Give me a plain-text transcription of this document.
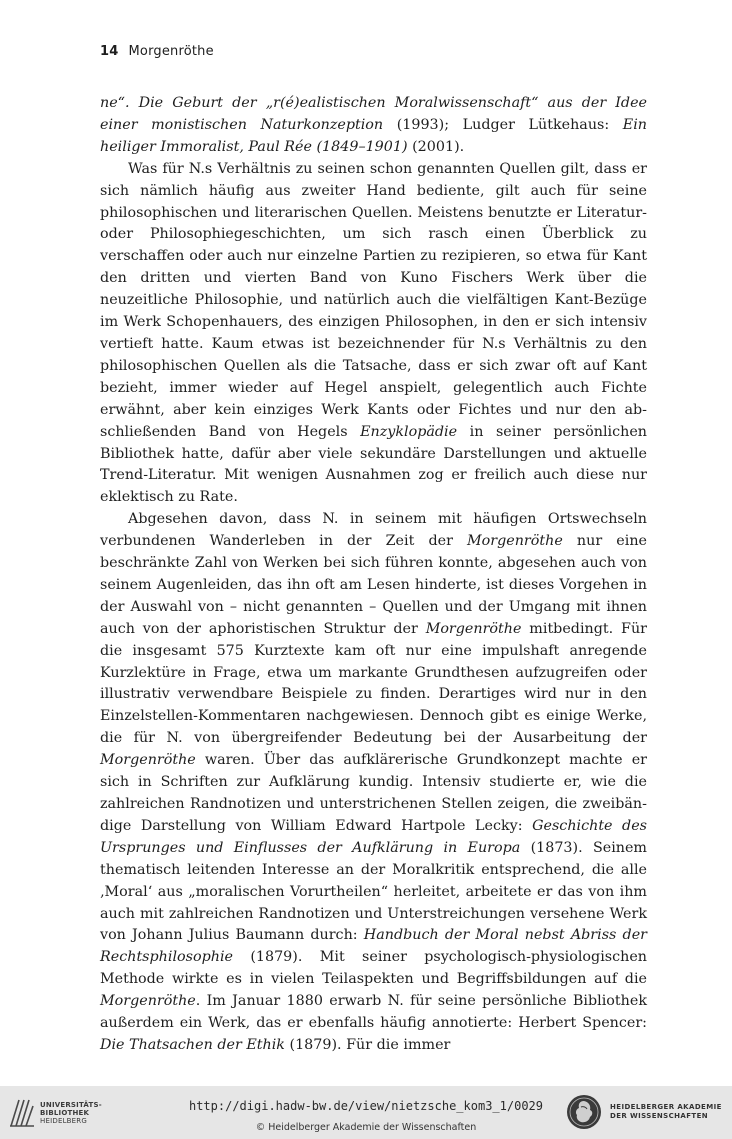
14 Morgenröthe

ne“. Die Geburt der „r(é)ealistischen Moralwissenschaft“ aus der Idee einer monistischen Naturkonzeption (1993); Ludger Lütkehaus: Ein heiliger Immoralist, Paul Rée (1849–1901) (2001).

Was für N.s Verhältnis zu seinen schon genannten Quellen gilt, dass er sich nämlich häufig aus zweiter Hand bediente, gilt auch für seine philosophischen und literarischen Quellen. Meistens benutzte er Literatur- oder Philosophiegeschichten, um sich rasch einen Überblick zu verschaffen oder auch nur einzelne Partien zu rezipieren, so etwa für Kant den dritten und vierten Band von Kuno Fischers Werk über die neuzeitliche Philosophie, und natürlich auch die vielfältigen Kant-Bezüge im Werk Schopenhauers, des einzigen Philosophen, in den er sich intensiv vertieft hatte. Kaum etwas ist bezeichnender für N.s Verhältnis zu den philosophischen Quellen als die Tatsache, dass er sich zwar oft auf Kant bezieht, immer wieder auf Hegel anspielt, gelegentlich auch Fichte erwähnt, aber kein einziges Werk Kants oder Fichtes und nur den abschließenden Band von Hegels Enzyklopädie in seiner persönlichen Bibliothek hatte, dafür aber viele sekundäre Darstellungen und aktuelle Trend-Literatur. Mit wenigen Ausnahmen zog er freilich auch diese nur eklektisch zu Rate.

Abgesehen davon, dass N. in seinem mit häufigen Ortswechseln verbundenen Wanderleben in der Zeit der Morgenröthe nur eine beschränkte Zahl von Werken bei sich führen konnte, abgesehen auch von seinem Augenleiden, das ihn oft am Lesen hinderte, ist dieses Vorgehen in der Auswahl von – nicht genannten – Quellen und der Umgang mit ihnen auch von der aphoristischen Struktur der Morgenröthe mitbedingt. Für die insgesamt 575 Kurztexte kam oft nur eine impulshaft anregende Kurzlektüre in Frage, etwa um markante Grundthesen aufzugreifen oder illustrativ verwendbare Beispiele zu finden. Derartiges wird nur in den Einzelstellen-Kommentaren nachgewiesen. Dennoch gibt es einige Werke, die für N. von übergreifender Bedeutung bei der Ausarbeitung der Morgenröthe waren. Über das aufklärerische Grundkonzept machte er sich in Schriften zur Aufklärung kundig. Intensiv studierte er, wie die zahlreichen Randnotizen und unterstrichenen Stellen zeigen, die zweibändige Darstellung von William Edward Hartpole Lecky: Geschichte des Ursprunges und Einflusses der Aufklärung in Europa (1873). Seinem thematisch leitenden Interesse an der Moralkritik entsprechend, die alle ‚Moral‘ aus „moralischen Vorurtheilen“ herleitet, arbeitete er das von ihm auch mit zahlreichen Randnotizen und Unterstreichungen versehene Werk von Johann Julius Baumann durch: Handbuch der Moral nebst Abriss der Rechtsphilosophie (1879). Mit seiner psychologisch-physiologischen Methode wirkte es in vielen Teilaspekten und Begriffsbildungen auf die Morgenröthe. Im Januar 1880 erwarb N. für seine persönliche Bibliothek außerdem ein Werk, das er ebenfalls häufig annotierte: Herbert Spencer: Die Thatsachen der Ethik (1879). Für die immer

UNIVERSITÄTS-
BIBLIOTHEK
HEIDELBERG
http://digi.hadw-bw.de/view/nietzsche_kom3_1/0029
© Heidelberger Akademie der Wissenschaften
HEIDELBERGER AKADEMIE
DER WISSENSCHAFTEN
